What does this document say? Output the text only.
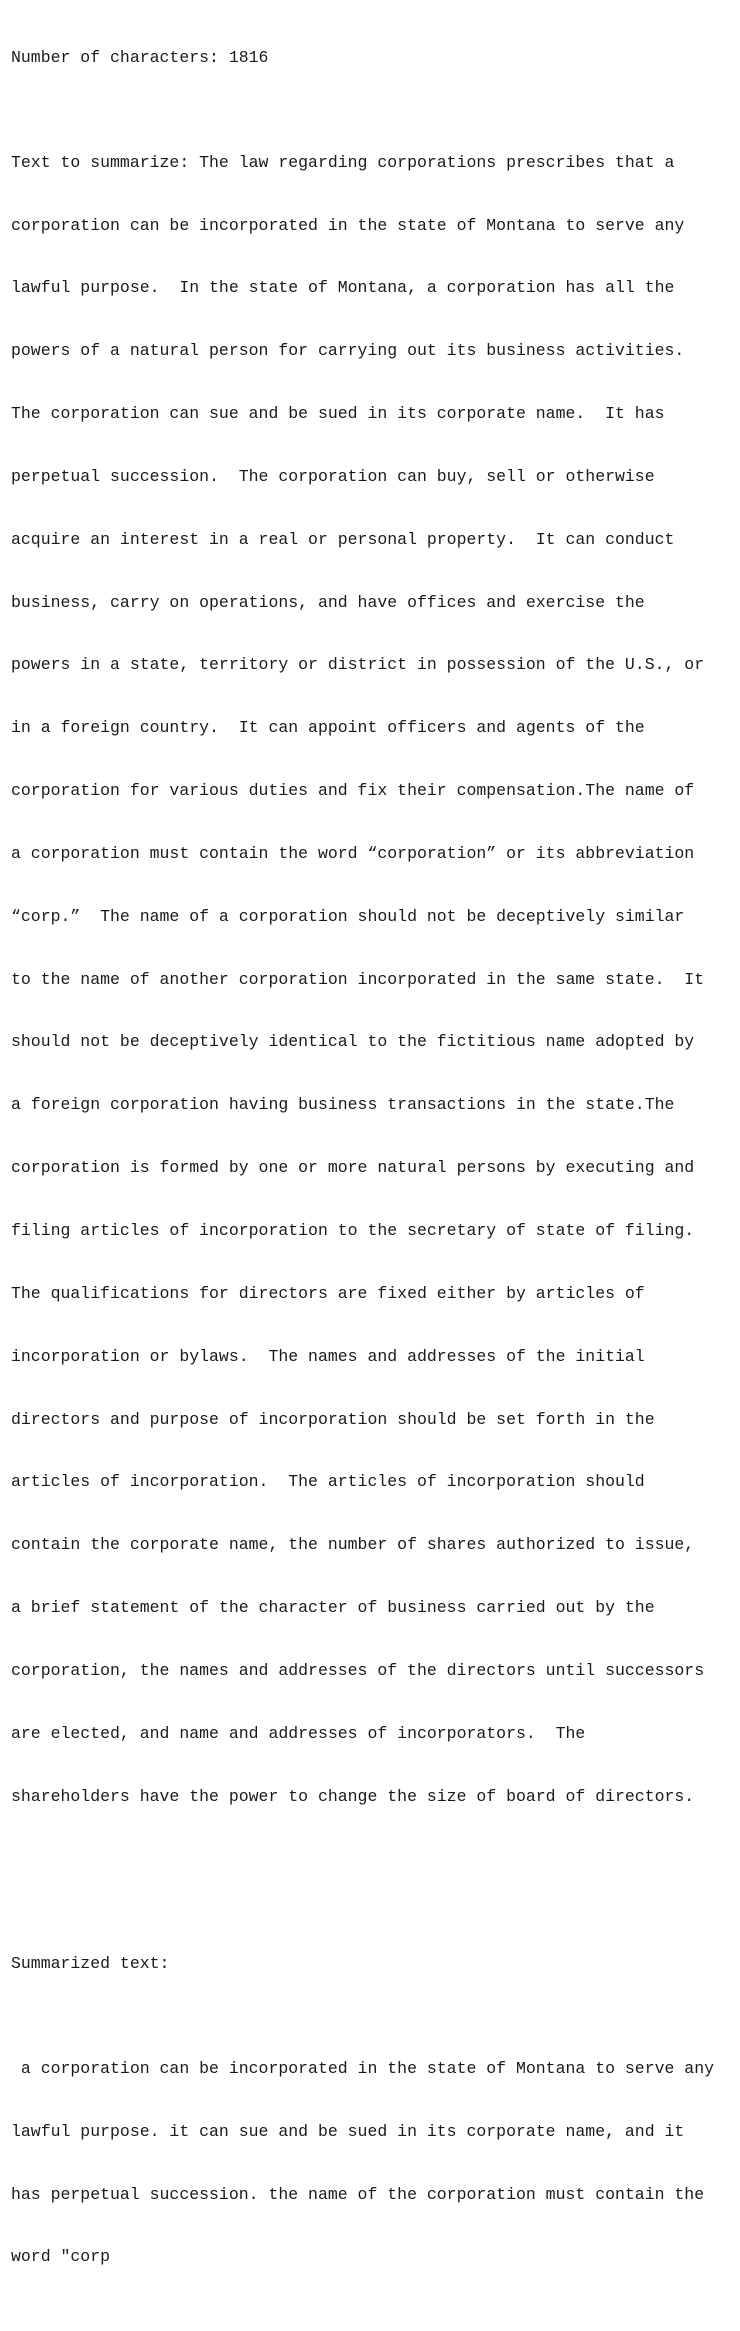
Number of characters: 1816

Text to summarize: The law regarding corporations prescribes that a

corporation can be incorporated in the state of Montana to serve any

lawful purpose.  In the state of Montana, a corporation has all the

powers of a natural person for carrying out its business activities.

The corporation can sue and be sued in its corporate name.  It has

perpetual succession.  The corporation can buy, sell or otherwise

acquire an interest in a real or personal property.  It can conduct

business, carry on operations, and have offices and exercise the

powers in a state, territory or district in possession of the U.S., or

in a foreign country.  It can appoint officers and agents of the

corporation for various duties and fix their compensation.The name of

a corporation must contain the word “corporation” or its abbreviation

“corp.”  The name of a corporation should not be deceptively similar

to the name of another corporation incorporated in the same state.  It

should not be deceptively identical to the fictitious name adopted by

a foreign corporation having business transactions in the state.The

corporation is formed by one or more natural persons by executing and

filing articles of incorporation to the secretary of state of filing.

The qualifications for directors are fixed either by articles of

incorporation or bylaws.  The names and addresses of the initial

directors and purpose of incorporation should be set forth in the

articles of incorporation.  The articles of incorporation should

contain the corporate name, the number of shares authorized to issue,

a brief statement of the character of business carried out by the

corporation, the names and addresses of the directors until successors

are elected, and name and addresses of incorporators.  The

shareholders have the power to change the size of board of directors.

Summarized text:

a corporation can be incorporated in the state of Montana to serve any

lawful purpose. it can sue and be sued in its corporate name, and it

has perpetual succession. the name of the corporation must contain the

word "corp
